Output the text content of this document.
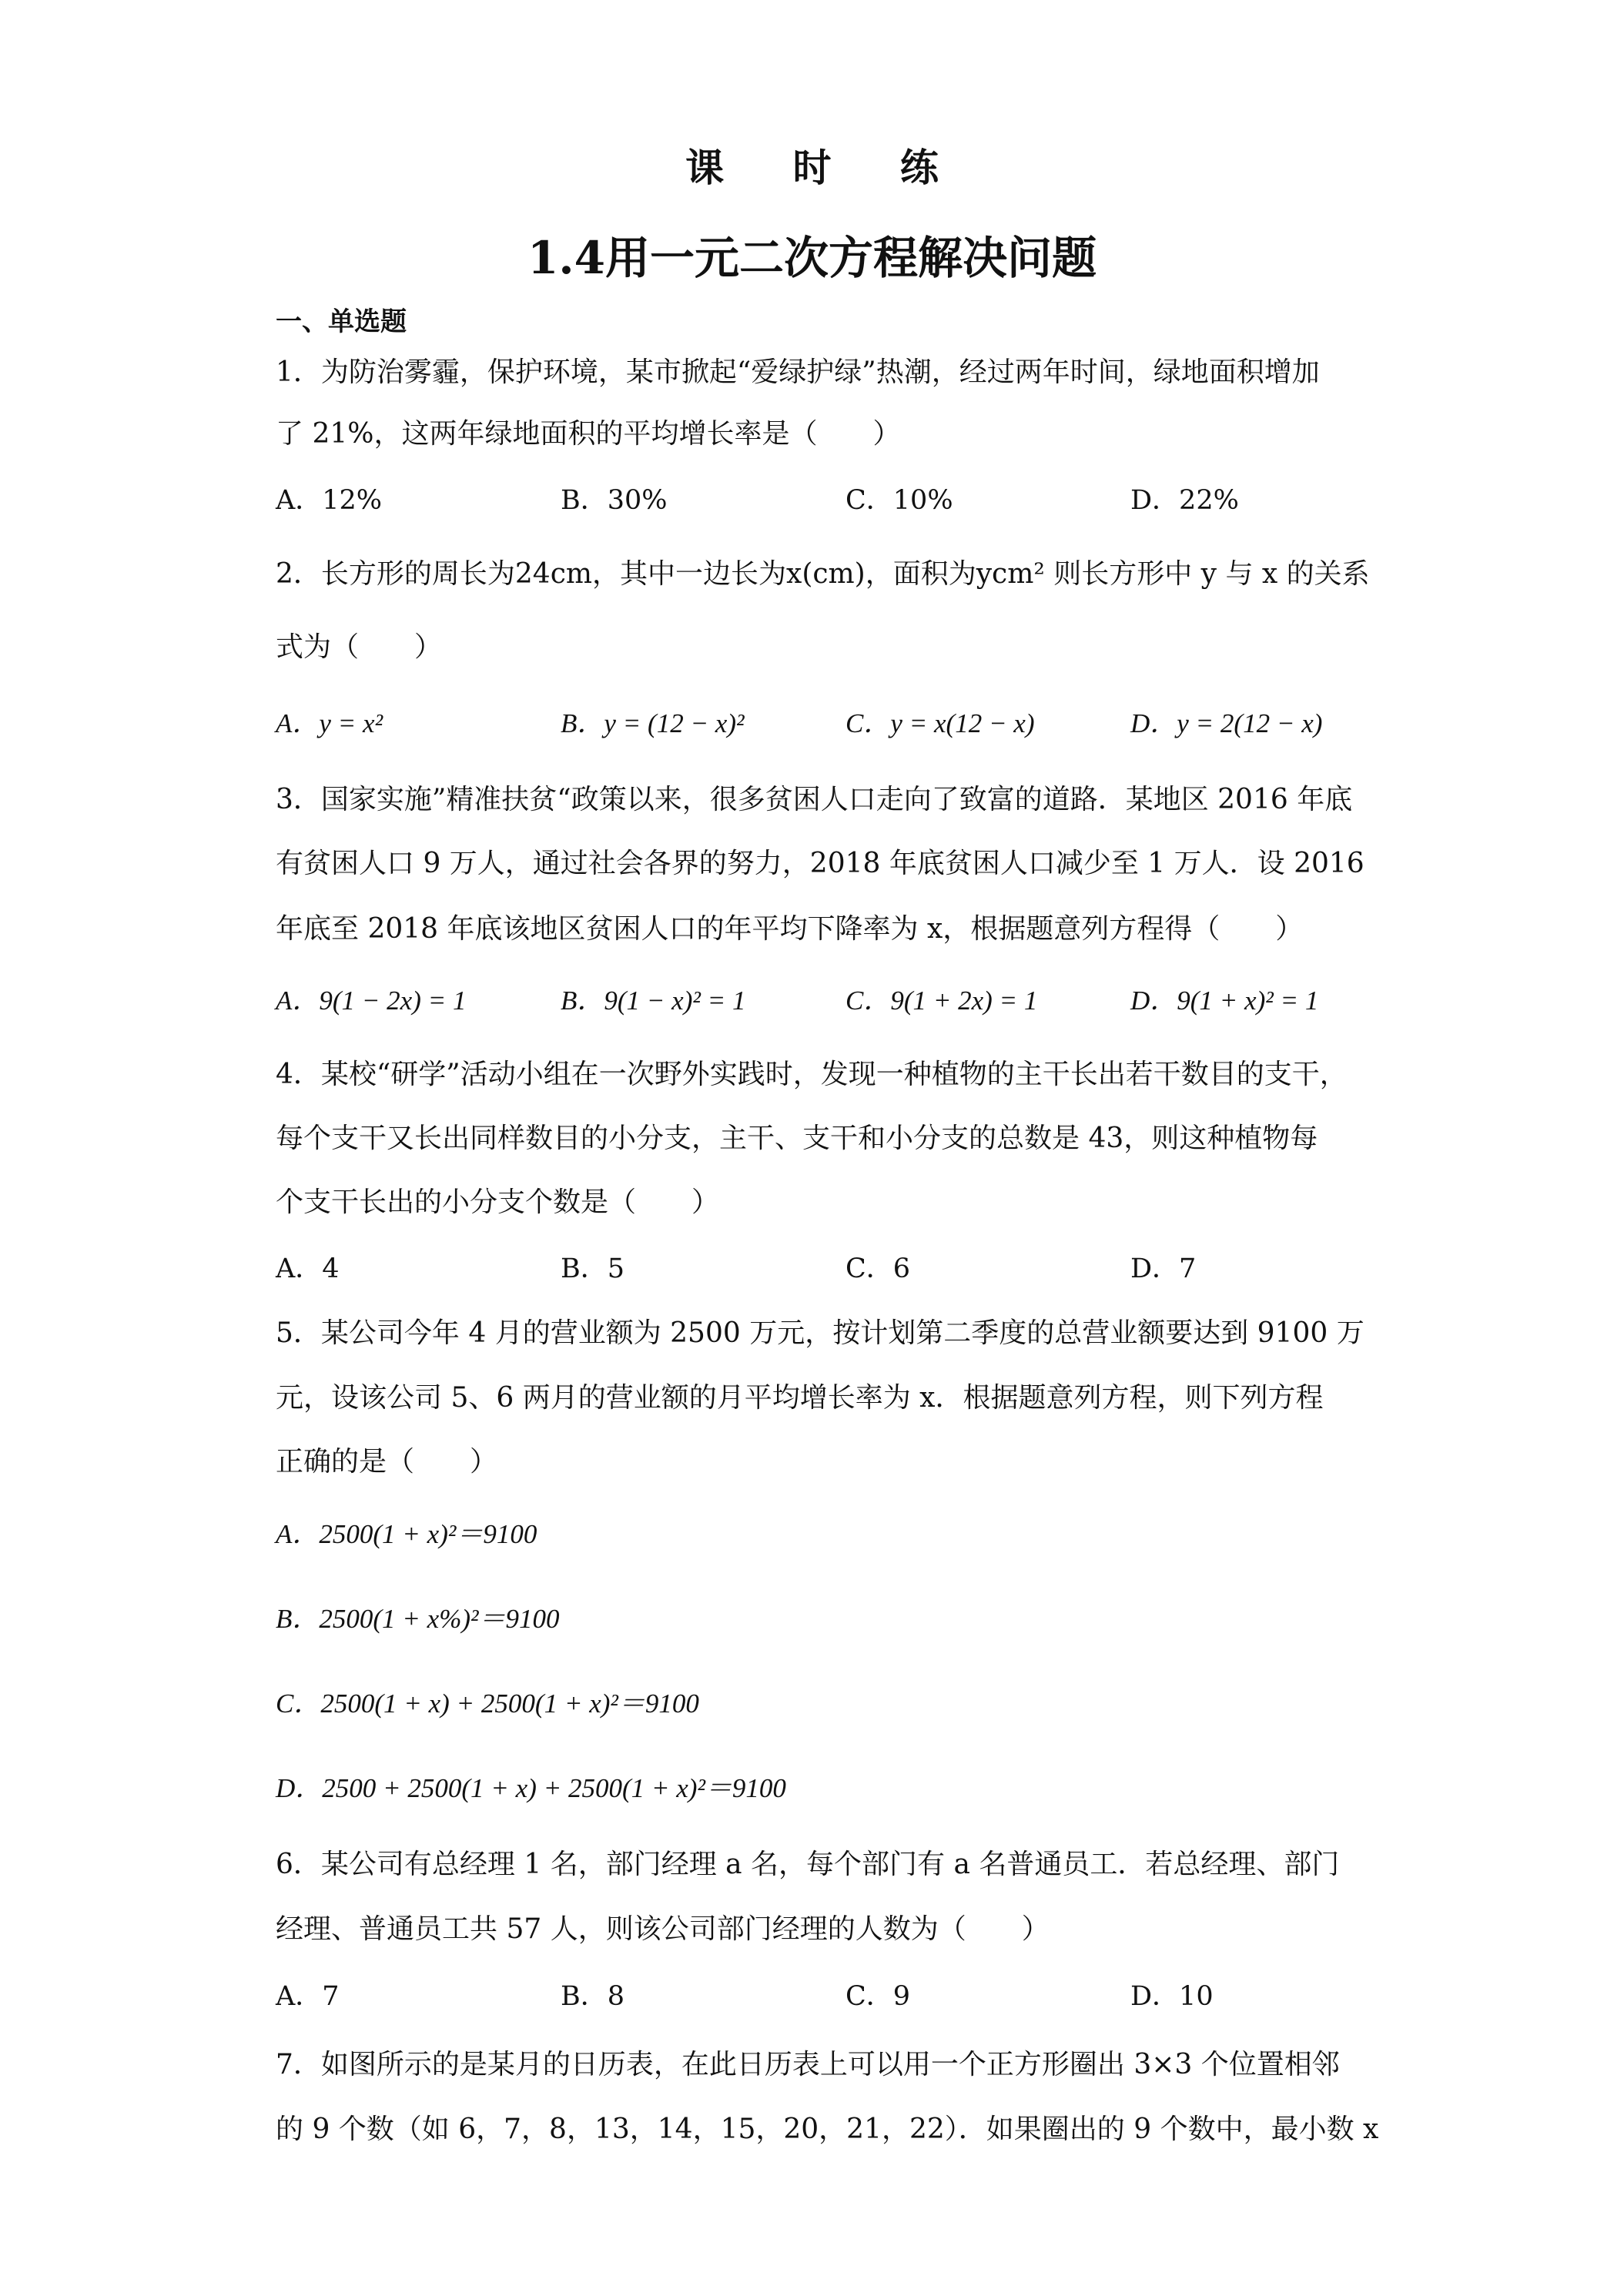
课 时 练
1.4用一元二次方程解决问题
一、单选题

1．为防治雾霾，保护环境，某市掀起“爱绿护绿”热潮，经过两年时间，绿地面积增加

了 21%，这两年绿地面积的平均增长率是（　　）

A．12%	B．30%	C．10%	D．22%

2．长方形的周长为24cm，其中一边长为x(cm)，面积为ycm² 则长方形中 y 与 x 的关系

式为（　　）

A．y = x²	B．y = (12 − x)²	C．y = x(12 − x)	D．y = 2(12 − x)

3．国家实施”精准扶贫“政策以来，很多贫困人口走向了致富的道路．某地区 2016 年底

有贫困人口 9 万人，通过社会各界的努力，2018 年底贫困人口减少至 1 万人．设 2016

年底至 2018 年底该地区贫困人口的年平均下降率为 x，根据题意列方程得（　　）

A．9(1 − 2x) = 1	B．9(1 − x)² = 1	C．9(1 + 2x) = 1	D．9(1 + x)² = 1

4．某校“研学”活动小组在一次野外实践时，发现一种植物的主干长出若干数目的支干，

每个支干又长出同样数目的小分支，主干、支干和小分支的总数是 43，则这种植物每

个支干长出的小分支个数是（　　）

A．4	B．5	C．6	D．7

5．某公司今年 4 月的营业额为 2500 万元，按计划第二季度的总营业额要达到 9100 万

元，设该公司 5、6 两月的营业额的月平均增长率为 x．根据题意列方程，则下列方程

正确的是（　　）

A．2500(1 + x)²＝9100

B．2500(1 + x%)²＝9100

C．2500(1 + x) + 2500(1 + x)²＝9100

D．2500 + 2500(1 + x) + 2500(1 + x)²＝9100

6．某公司有总经理 1 名，部门经理 a 名，每个部门有 a 名普通员工．若总经理、部门

经理、普通员工共 57 人，则该公司部门经理的人数为（　　）

A．7	B．8	C．9	D．10

7．如图所示的是某月的日历表，在此日历表上可以用一个正方形圈出 3×3 个位置相邻

的 9 个数（如 6，7，8，13，14，15，20，21，22）．如果圈出的 9 个数中，最小数 x
